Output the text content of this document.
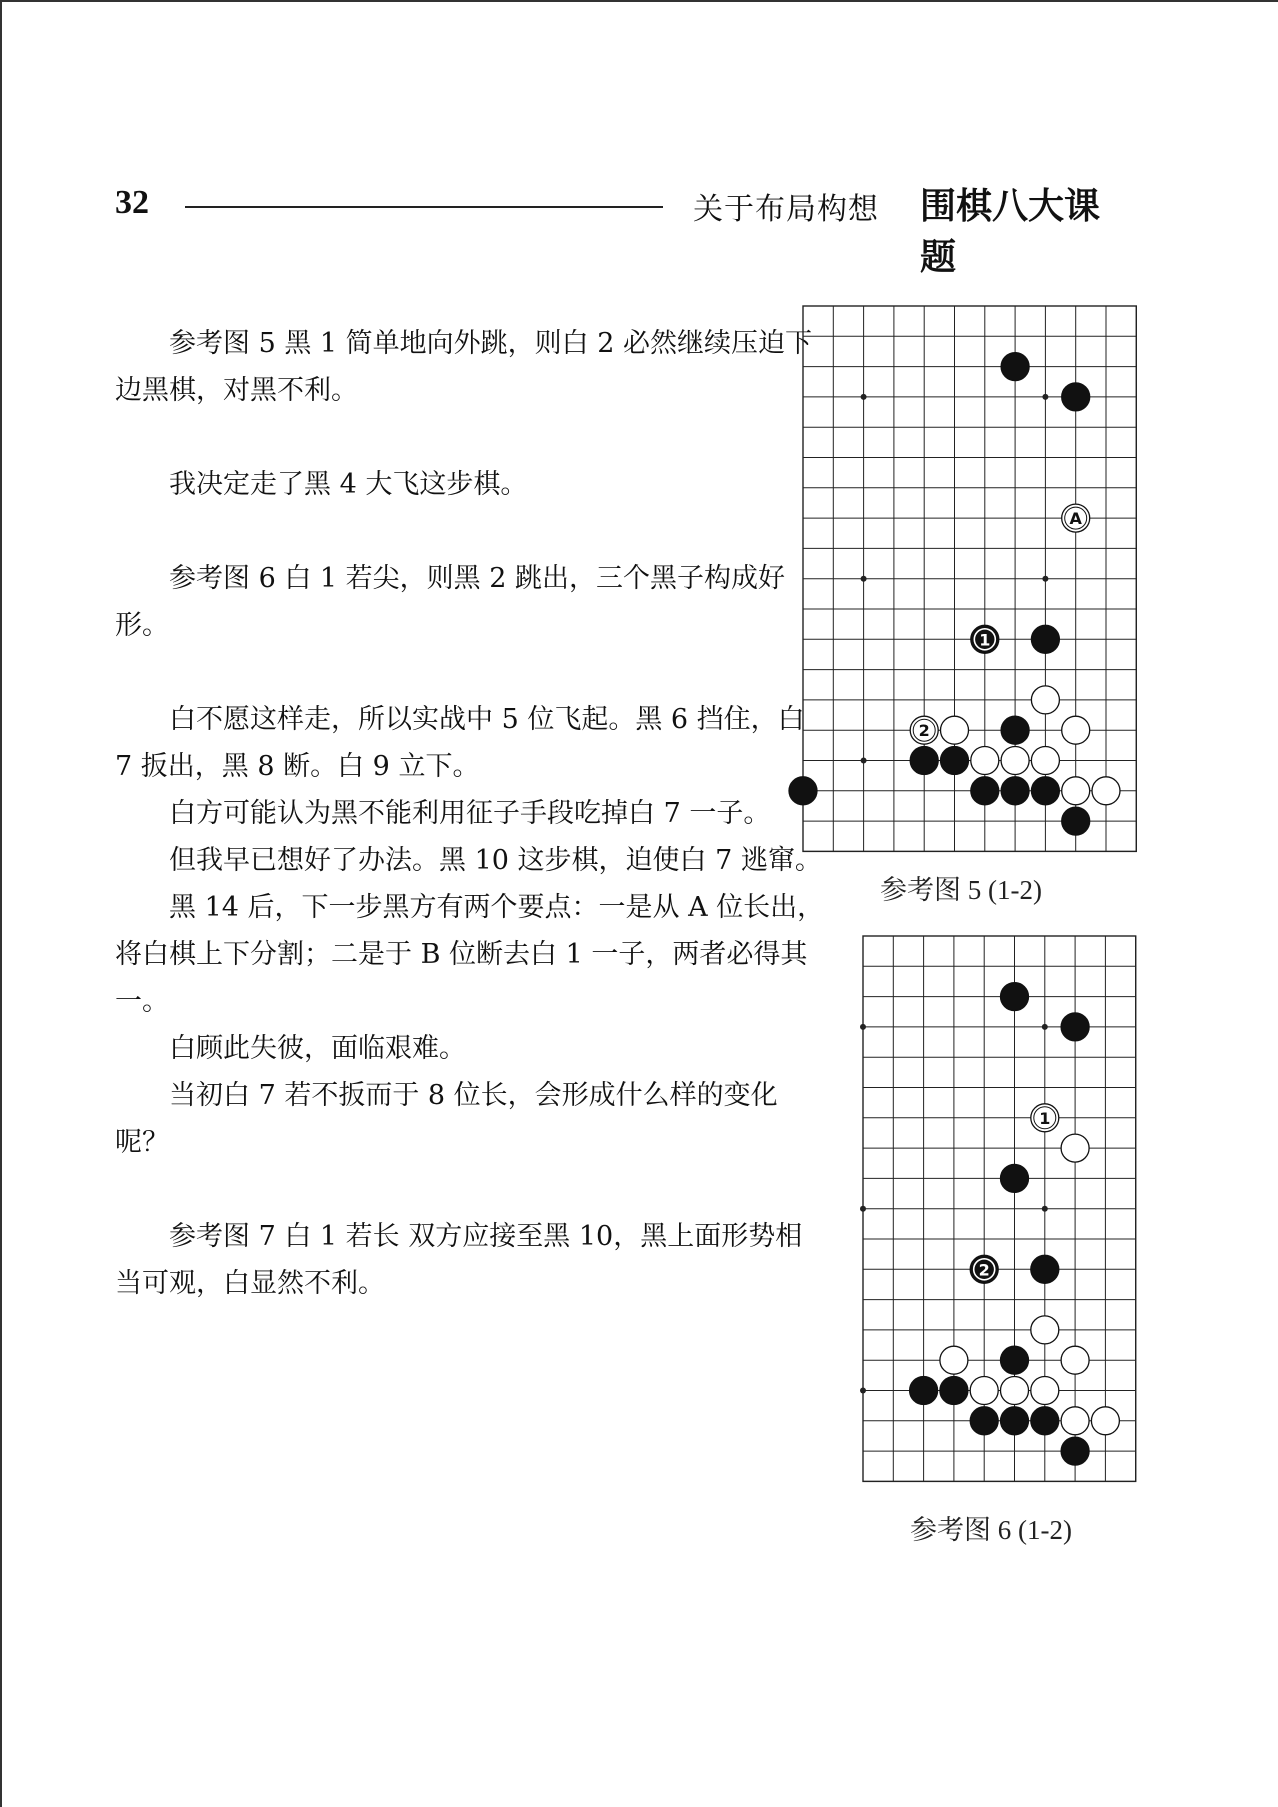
32	关于布局构想 围棋八大课题

参考图 5 黑 1 简单地向外跳，则白 2 必然继续压迫下边黑棋，对黑不利。

我决定走了黑 4 大飞这步棋。

参考图 6 白 1 若尖，则黑 2 跳出，三个黑子构成好形。

白不愿这样走，所以实战中 5 位飞起。黑 6 挡住，白 7 扳出，黑 8 断。白 9 立下。

白方可能认为黑不能利用征子手段吃掉白 7 一子。

但我早已想好了办法。黑 10 这步棋，迫使白 7 逃窜。

黑 14 后，下一步黑方有两个要点：一是从 A 位长出，将白棋上下分割；二是于 B 位断去白 1 一子，两者必得其一。

白顾此失彼，面临艰难。

当初白 7 若不扳而于 8 位长，会形成什么样的变化呢？

参考图 7 白 1 若长 双方应接至黑 10，黑上面形势相当可观，白显然不利。

A
1
2
参考图 5 (1-2)
1
2
参考图 6 (1-2)
